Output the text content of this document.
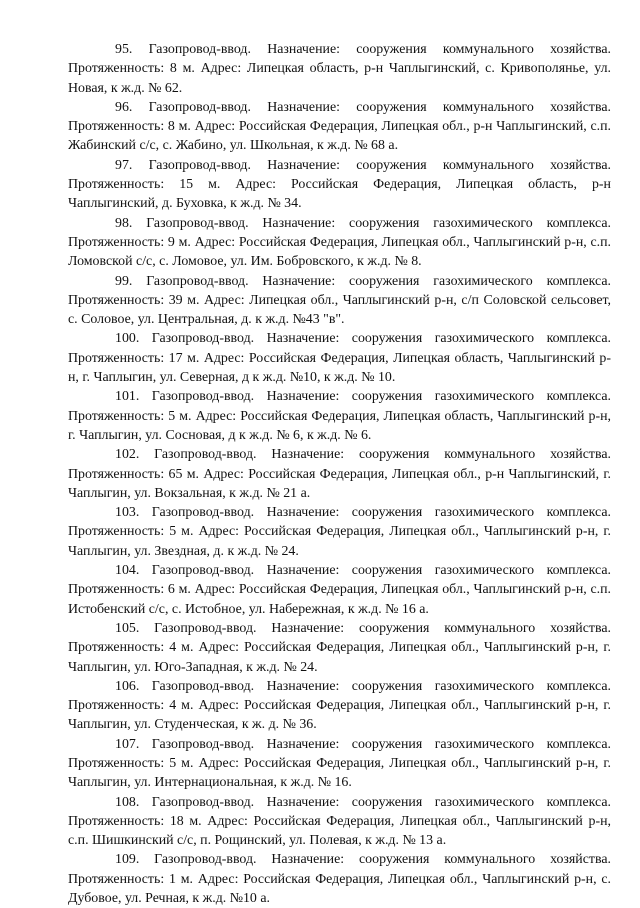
95. Газопровод-ввод. Назначение: сооружения коммунального хозяйства. Протяженность: 8 м. Адрес: Липецкая область, р-н Чаплыгинский, с. Кривополянье, ул. Новая, к ж.д. № 62.

96. Газопровод-ввод. Назначение: сооружения коммунального хозяйства. Протяженность: 8 м. Адрес: Российская Федерация, Липецкая обл., р-н Чаплыгинский, с.п. Жабинский с/с, с. Жабино, ул. Школьная, к ж.д. № 68 а.

97. Газопровод-ввод. Назначение: сооружения коммунального хозяйства. Протяженность: 15 м. Адрес: Российская Федерация, Липецкая область, р-н Чаплыгинский, д. Буховка, к ж.д. № 34.

98. Газопровод-ввод. Назначение: сооружения газохимического комплекса. Протяженность: 9 м. Адрес: Российская Федерация, Липецкая обл., Чаплыгинский р-н, с.п. Ломовской с/с, с. Ломовое, ул. Им. Бобровского, к ж.д. № 8.

99. Газопровод-ввод. Назначение: сооружения газохимического комплекса. Протяженность: 39 м. Адрес: Липецкая обл., Чаплыгинский р-н, с/п Соловской сельсовет, с. Соловое, ул. Центральная, д. к ж.д. №43 "в".

100. Газопровод-ввод. Назначение: сооружения газохимического комплекса. Протяженность: 17 м. Адрес: Российская Федерация, Липецкая область, Чаплыгинский р-н, г. Чаплыгин, ул. Северная, д к ж.д. №10, к ж.д. № 10.

101. Газопровод-ввод. Назначение: сооружения газохимического комплекса. Протяженность: 5 м. Адрес: Российская Федерация, Липецкая область, Чаплыгинский р-н, г. Чаплыгин, ул. Сосновая, д к ж.д. № 6, к ж.д. № 6.

102. Газопровод-ввод. Назначение: сооружения коммунального хозяйства. Протяженность: 65 м. Адрес: Российская Федерация, Липецкая обл., р-н Чаплыгинский, г. Чаплыгин, ул. Вокзальная, к ж.д. № 21 а.

103. Газопровод-ввод. Назначение: сооружения газохимического комплекса. Протяженность: 5 м. Адрес: Российская Федерация, Липецкая обл., Чаплыгинский р-н, г. Чаплыгин, ул. Звездная, д. к ж.д. № 24.

104. Газопровод-ввод. Назначение: сооружения газохимического комплекса. Протяженность: 6 м. Адрес: Российская Федерация, Липецкая обл., Чаплыгинский р-н, с.п. Истобенский с/с, с. Истобное, ул. Набережная, к ж.д. № 16 а.

105. Газопровод-ввод. Назначение: сооружения коммунального хозяйства. Протяженность: 4 м. Адрес: Российская Федерация, Липецкая обл., Чаплыгинский р-н, г. Чаплыгин, ул. Юго-Западная, к ж.д. № 24.

106. Газопровод-ввод. Назначение: сооружения газохимического комплекса. Протяженность: 4 м. Адрес: Российская Федерация, Липецкая обл., Чаплыгинский р-н, г. Чаплыгин, ул. Студенческая, к ж. д. № 36.

107. Газопровод-ввод. Назначение: сооружения газохимического комплекса. Протяженность: 5 м. Адрес: Российская Федерация, Липецкая обл., Чаплыгинский р-н, г. Чаплыгин, ул. Интернациональная, к ж.д. № 16.

108. Газопровод-ввод. Назначение: сооружения газохимического комплекса. Протяженность: 18 м. Адрес: Российская Федерация, Липецкая обл., Чаплыгинский р-н, с.п. Шишкинский с/с, п. Рощинский, ул. Полевая, к ж.д. № 13 а.

109. Газопровод-ввод. Назначение: сооружения коммунального хозяйства. Протяженность: 1 м. Адрес: Российская Федерация, Липецкая обл., Чаплыгинский р-н, с. Дубовое, ул. Речная, к ж.д. №10 а.
